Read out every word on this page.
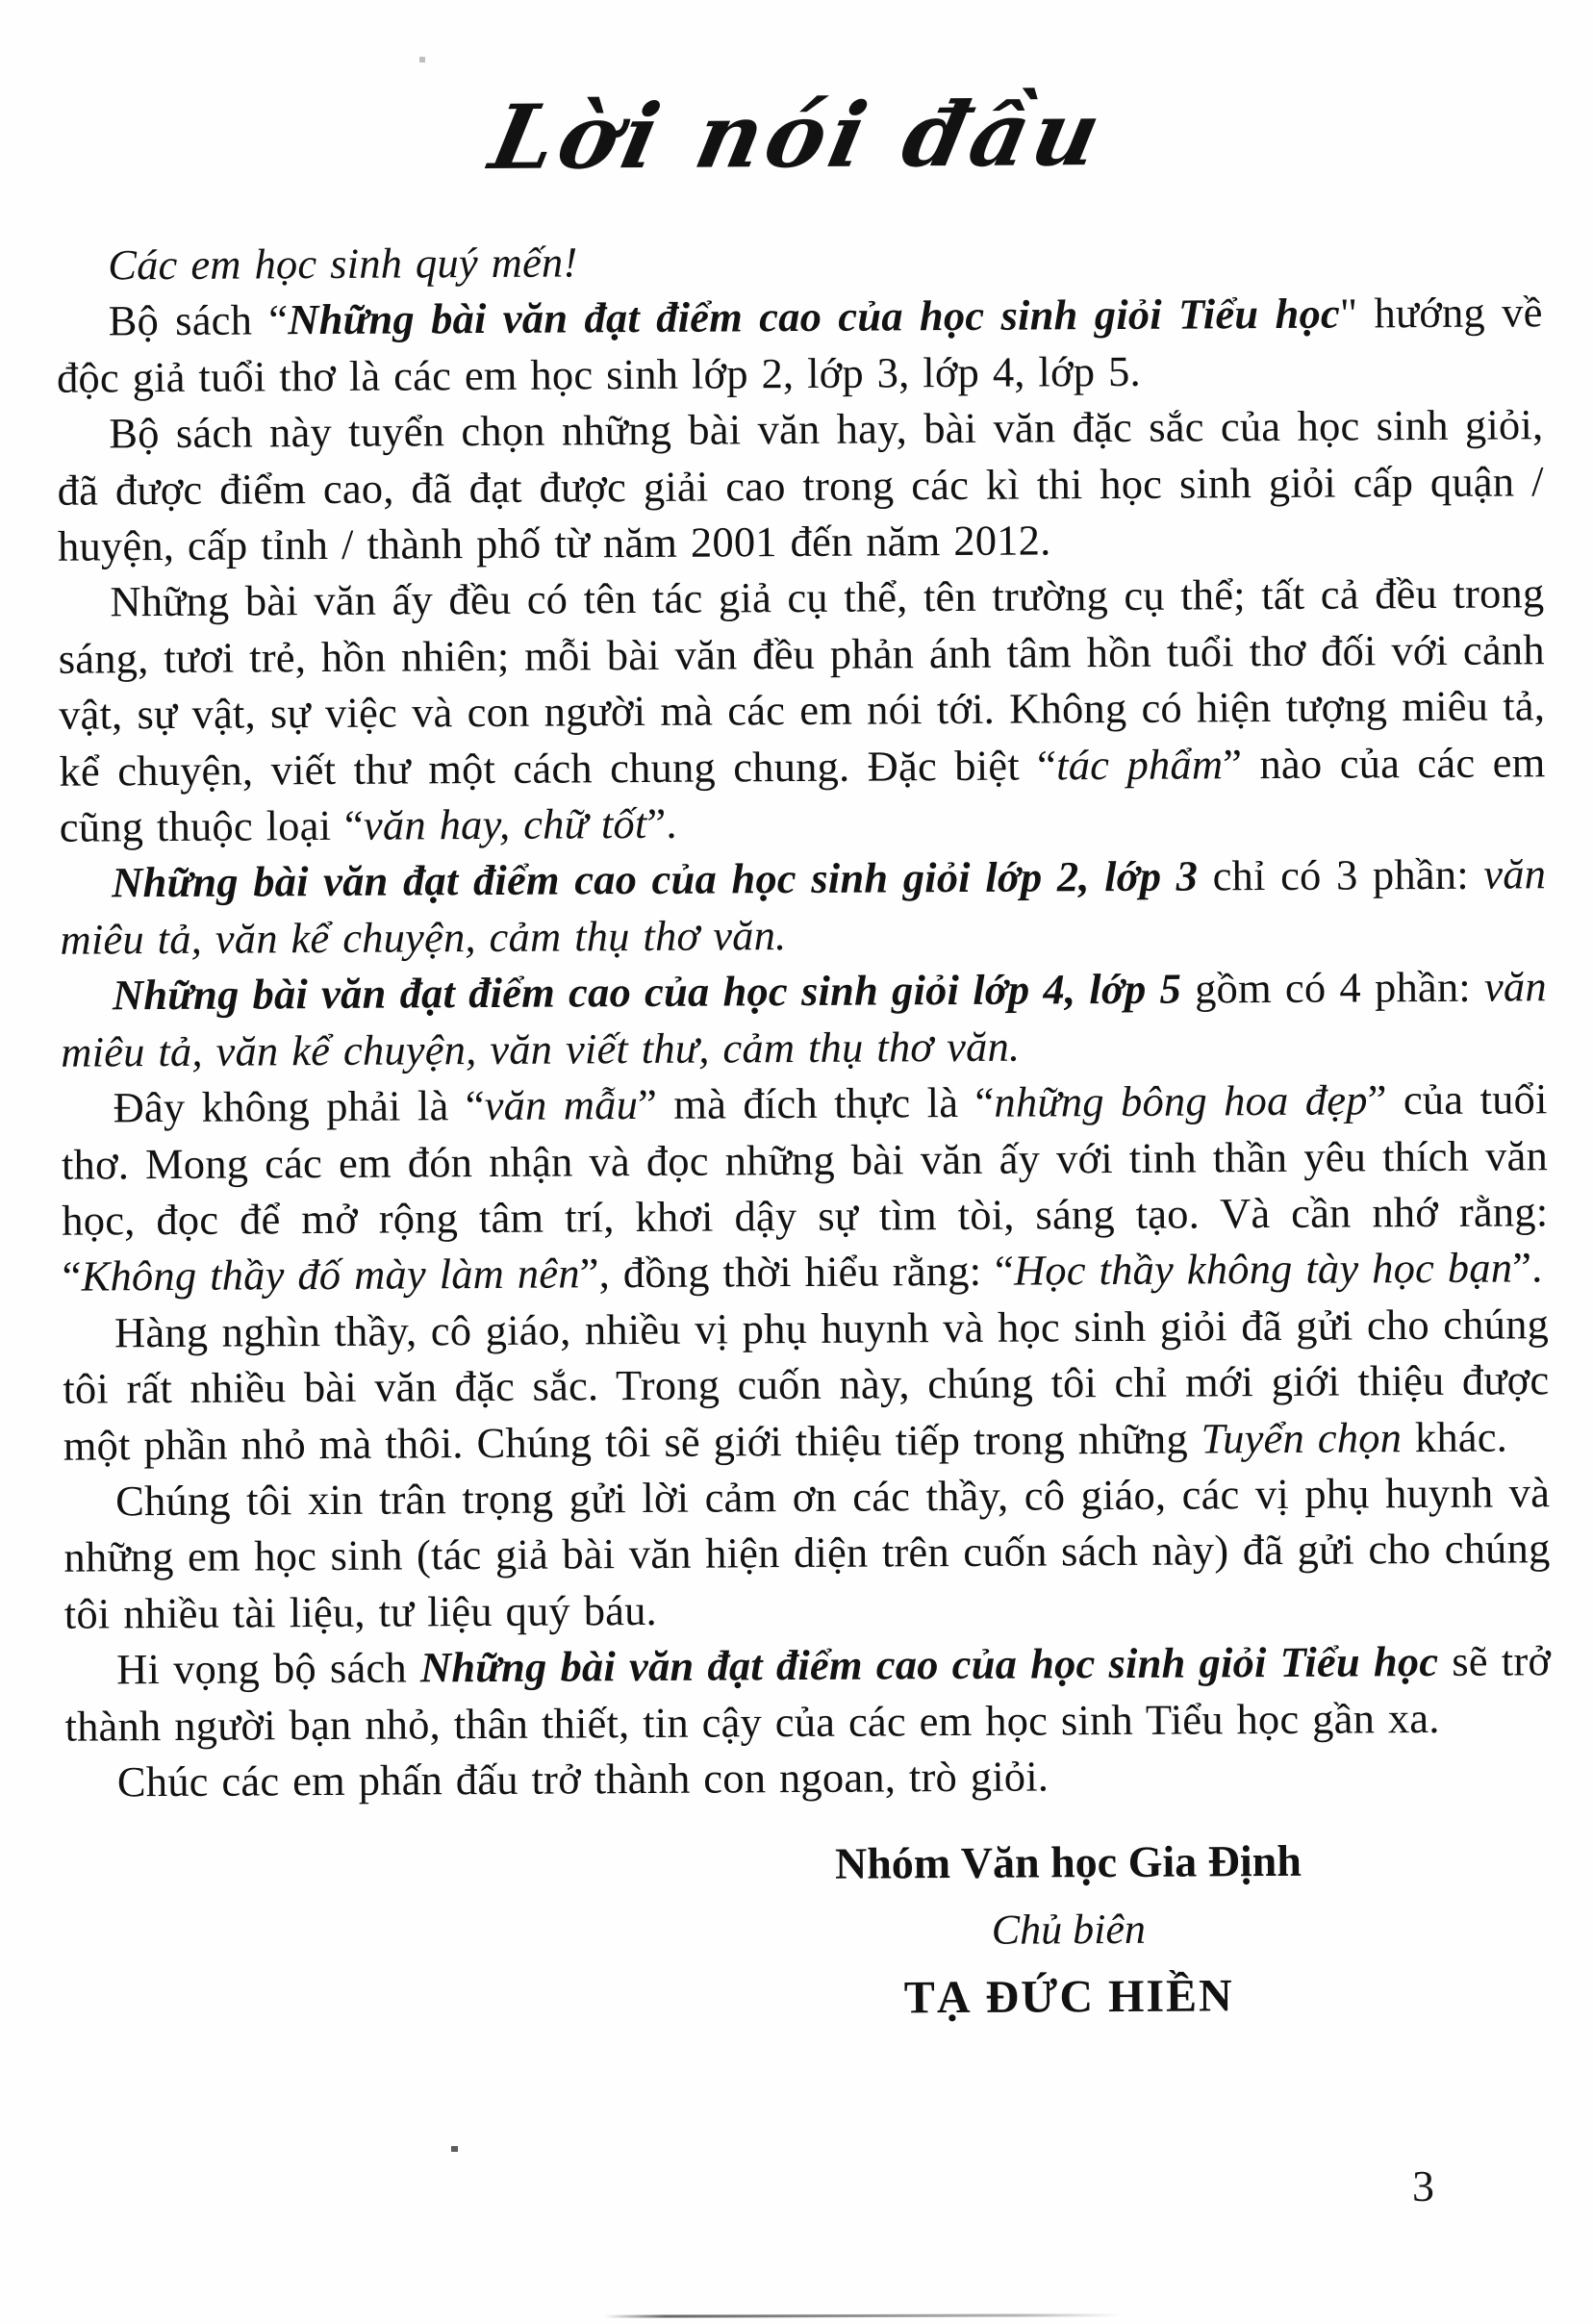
Lời nói đầu

Các em học sinh quý mến!

Bộ sách “Những bài văn đạt điểm cao của học sinh giỏi Tiểu học" hướng về độc giả tuổi thơ là các em học sinh lớp 2, lớp 3, lớp 4, lớp 5.

Bộ sách này tuyển chọn những bài văn hay, bài văn đặc sắc của học sinh giỏi, đã được điểm cao, đã đạt được giải cao trong các kì thi học sinh giỏi cấp quận / huyện, cấp tỉnh / thành phố từ năm 2001 đến năm 2012.

Những bài văn ấy đều có tên tác giả cụ thể, tên trường cụ thể; tất cả đều trong sáng, tươi trẻ, hồn nhiên; mỗi bài văn đều phản ánh tâm hồn tuổi thơ đối với cảnh vật, sự vật, sự việc và con người mà các em nói tới. Không có hiện tượng miêu tả, kể chuyện, viết thư một cách chung chung. Đặc biệt “tác phẩm” nào của các em cũng thuộc loại “văn hay, chữ tốt”.

Những bài văn đạt điểm cao của học sinh giỏi lớp 2, lớp 3 chỉ có 3 phần: văn miêu tả, văn kể chuyện, cảm thụ thơ văn.

Những bài văn đạt điểm cao của học sinh giỏi lớp 4, lớp 5 gồm có 4 phần: văn miêu tả, văn kể chuyện, văn viết thư, cảm thụ thơ văn.

Đây không phải là “văn mẫu” mà đích thực là “những bông hoa đẹp” của tuổi thơ. Mong các em đón nhận và đọc những bài văn ấy với tinh thần yêu thích văn học, đọc để mở rộng tâm trí, khơi dậy sự tìm tòi, sáng tạo. Và cần nhớ rằng: “Không thầy đố mày làm nên”, đồng thời hiểu rằng: “Học thầy không tày học bạn”.

Hàng nghìn thầy, cô giáo, nhiều vị phụ huynh và học sinh giỏi đã gửi cho chúng tôi rất nhiều bài văn đặc sắc. Trong cuốn này, chúng tôi chỉ mới giới thiệu được một phần nhỏ mà thôi. Chúng tôi sẽ giới thiệu tiếp trong những Tuyển chọn khác.

Chúng tôi xin trân trọng gửi lời cảm ơn các thầy, cô giáo, các vị phụ huynh và những em học sinh (tác giả bài văn hiện diện trên cuốn sách này) đã gửi cho chúng tôi nhiều tài liệu, tư liệu quý báu.

Hi vọng bộ sách Những bài văn đạt điểm cao của học sinh giỏi Tiểu học sẽ trở thành người bạn nhỏ, thân thiết, tin cậy của các em học sinh Tiểu học gần xa.

Chúc các em phấn đấu trở thành con ngoan, trò giỏi.

Nhóm Văn học Gia Định
Chủ biên
TẠ ĐỨC HIỀN
3
